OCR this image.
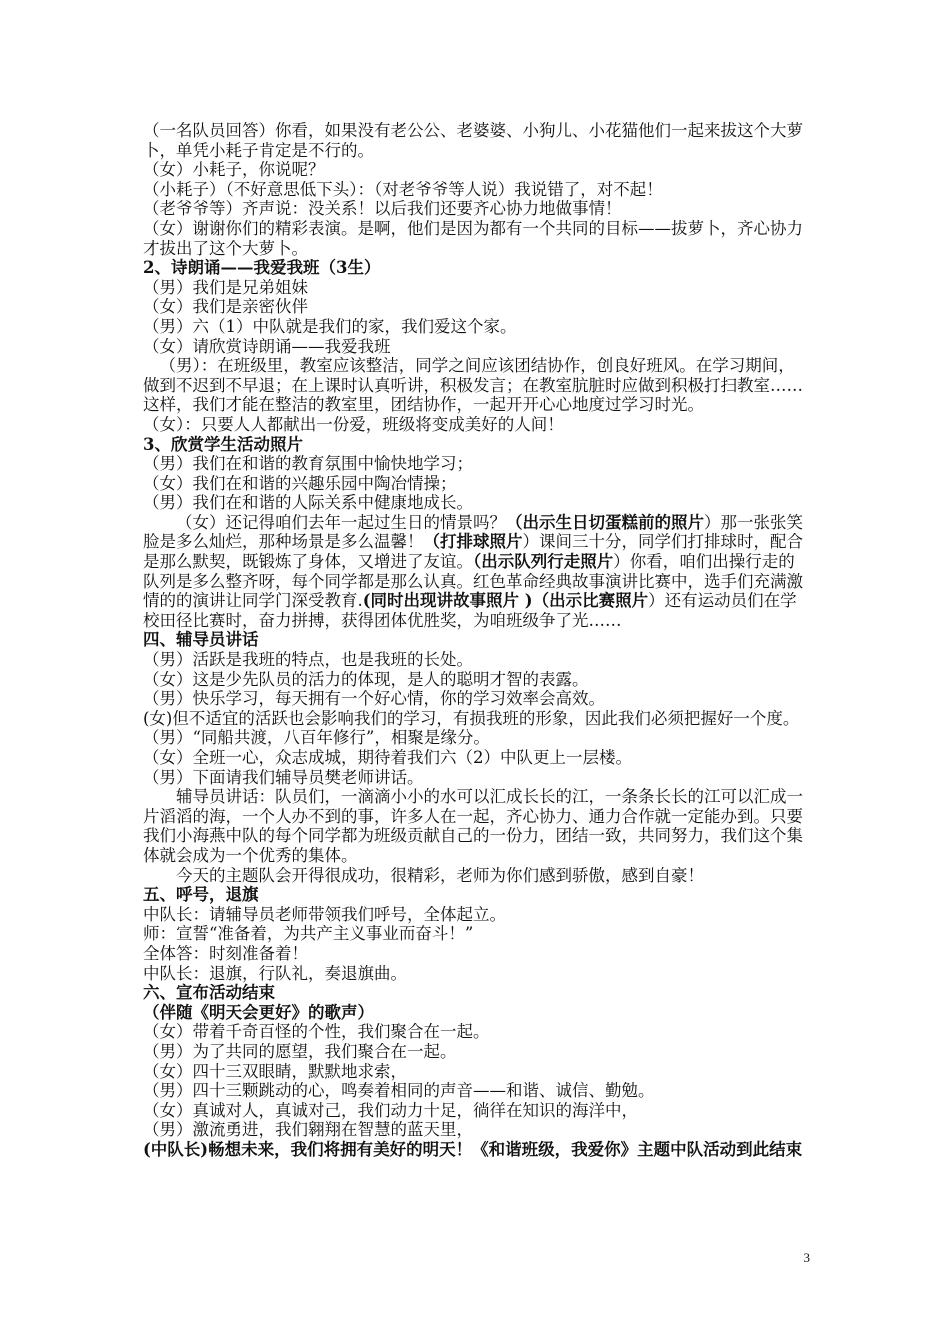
（一名队员回答）你看，如果没有老公公、老婆婆、小狗儿、小花猫他们一起来拔这个大萝卜，单凭小耗子肯定是不行的。

（女）小耗子，你说呢？

（小耗子）（不好意思低下头）：（对老爷爷等人说）我说错了，对不起！

（老爷爷等）齐声说：没关系！以后我们还要齐心协力地做事情！

（女）谢谢你们的精彩表演。是啊，他们是因为都有一个共同的目标——拔萝卜，齐心协力才拔出了这个大萝卜。

2、诗朗诵——我爱我班（3生）

（男）我们是兄弟姐妹

（女）我们是亲密伙伴

（男）六（1）中队就是我们的家，我们爱这个家。

（女）请欣赏诗朗诵——我爱我班

（男）：在班级里，教室应该整洁，同学之间应该团结协作，创良好班风。在学习期间，做到不迟到不早退；在上课时认真听讲，积极发言；在教室肮脏时应做到积极打扫教室……这样，我们才能在整洁的教室里，团结协作，一起开开心心地度过学习时光。

（女）：只要人人都献出一份爱，班级将变成美好的人间！

3、欣赏学生活动照片

（男）我们在和谐的教育氛围中愉快地学习；

（女）我们在和谐的兴趣乐园中陶冶情操；

（男）我们在和谐的人际关系中健康地成长。

（女）还记得咱们去年一起过生日的情景吗？（出示生日切蛋糕前的照片）那一张张笑脸是多么灿烂，那种场景是多么温馨！（打排球照片）课间三十分，同学们打排球时，配合是那么默契，既锻炼了身体，又增进了友谊。（出示队列行走照片）你看，咱们出操行走的队列是多么整齐呀，每个同学都是那么认真。红色革命经典故事演讲比赛中，选手们充满激情的的演讲让同学门深受教育.(同时出现讲故事照片 )（出示比赛照片）还有运动员们在学校田径比赛时，奋力拼搏，获得团体优胜奖，为咱班级争了光……

四、辅导员讲话

（男）活跃是我班的特点，也是我班的长处。

（女）这是少先队员的活力的体现，是人的聪明才智的表露。

（男）快乐学习，每天拥有一个好心情，你的学习效率会高效。

(女)但不适宜的活跃也会影响我们的学习，有损我班的形象，因此我们必须把握好一个度。

（男）“同船共渡，八百年修行”，相聚是缘分。

（女）全班一心，众志成城，期待着我们六（2）中队更上一层楼。

（男）下面请我们辅导员樊老师讲话。

辅导员讲话：队员们，一滴滴小小的水可以汇成长长的江，一条条长长的江可以汇成一片滔滔的海，一个人办不到的事，许多人在一起，齐心协力、通力合作就一定能办到。只要我们小海燕中队的每个同学都为班级贡献自己的一份力，团结一致，共同努力，我们这个集体就会成为一个优秀的集体。

今天的主题队会开得很成功，很精彩，老师为你们感到骄傲，感到自豪！

五、呼号，退旗

中队长：请辅导员老师带领我们呼号，全体起立。

师：宣誓“准备着，为共产主义事业而奋斗！”

全体答：时刻准备着！

中队长：退旗，行队礼，奏退旗曲。

六、宣布活动结束

（伴随《明天会更好》的歌声）

（女）带着千奇百怪的个性，我们聚合在一起。

（男）为了共同的愿望，我们聚合在一起。

（女）四十三双眼睛，默默地求索，

（男）四十三颗跳动的心，鸣奏着相同的声音——和谐、诚信、勤勉。

（女）真诚对人，真诚对己，我们动力十足，徜徉在知识的海洋中，

（男）激流勇进，我们翱翔在智慧的蓝天里，

(中队长)畅想未来，我们将拥有美好的明天！《和谐班级，我爱你》主题中队活动到此结束

3
